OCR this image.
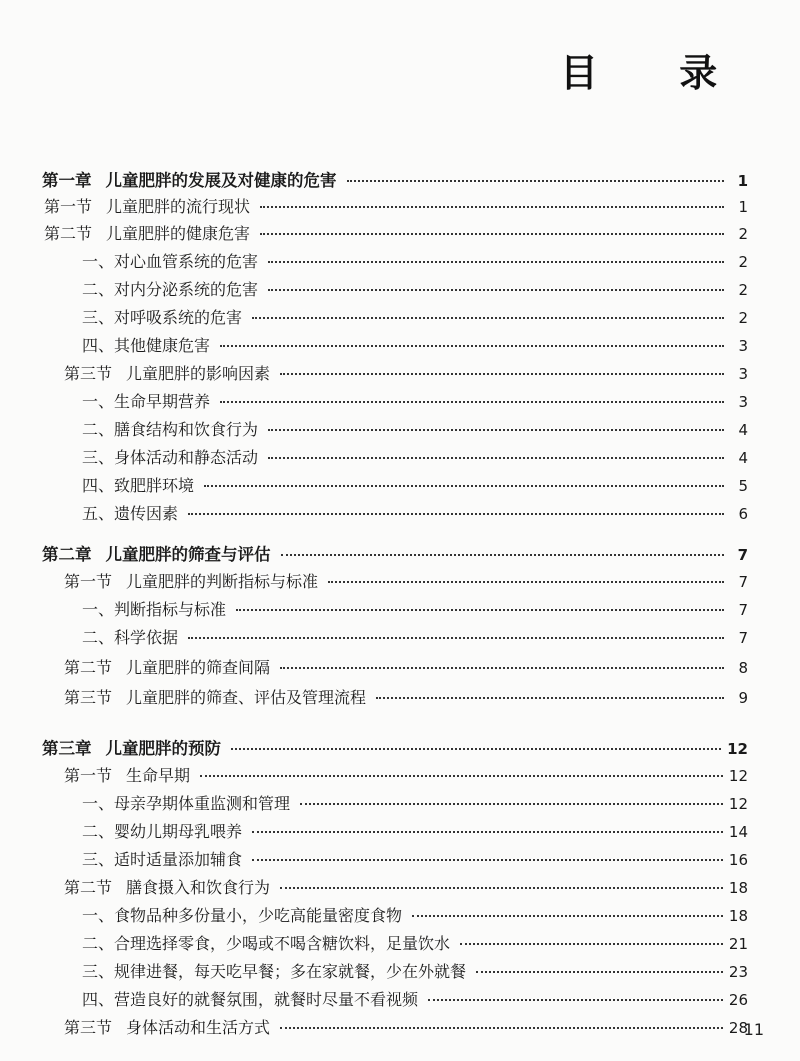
目 录
第一章 儿童肥胖的发展及对健康的危害	1
第一节 儿童肥胖的流行现状	1
第二节 儿童肥胖的健康危害	2
一、对心血管系统的危害	2
二、对内分泌系统的危害	2
三、对呼吸系统的危害	2
四、其他健康危害	3
第三节 儿童肥胖的影响因素	3
一、生命早期营养	3
二、膳食结构和饮食行为	4
三、身体活动和静态活动	4
四、致肥胖环境	5
五、遗传因素	6
第二章 儿童肥胖的筛查与评估	7
第一节 儿童肥胖的判断指标与标准	7
一、判断指标与标准	7
二、科学依据	7
第二节 儿童肥胖的筛查间隔	8
第三节 儿童肥胖的筛查、评估及管理流程	9
第三章 儿童肥胖的预防	12
第一节 生命早期	12
一、母亲孕期体重监测和管理	12
二、婴幼儿期母乳喂养	14
三、适时适量添加辅食	16
第二节 膳食摄入和饮食行为	18
一、食物品种多份量小，少吃高能量密度食物	18
二、合理选择零食，少喝或不喝含糖饮料，足量饮水	21
三、规律进餐，每天吃早餐；多在家就餐，少在外就餐	23
四、营造良好的就餐氛围，就餐时尽量不看视频	26
第三节 身体活动和生活方式	28
11
